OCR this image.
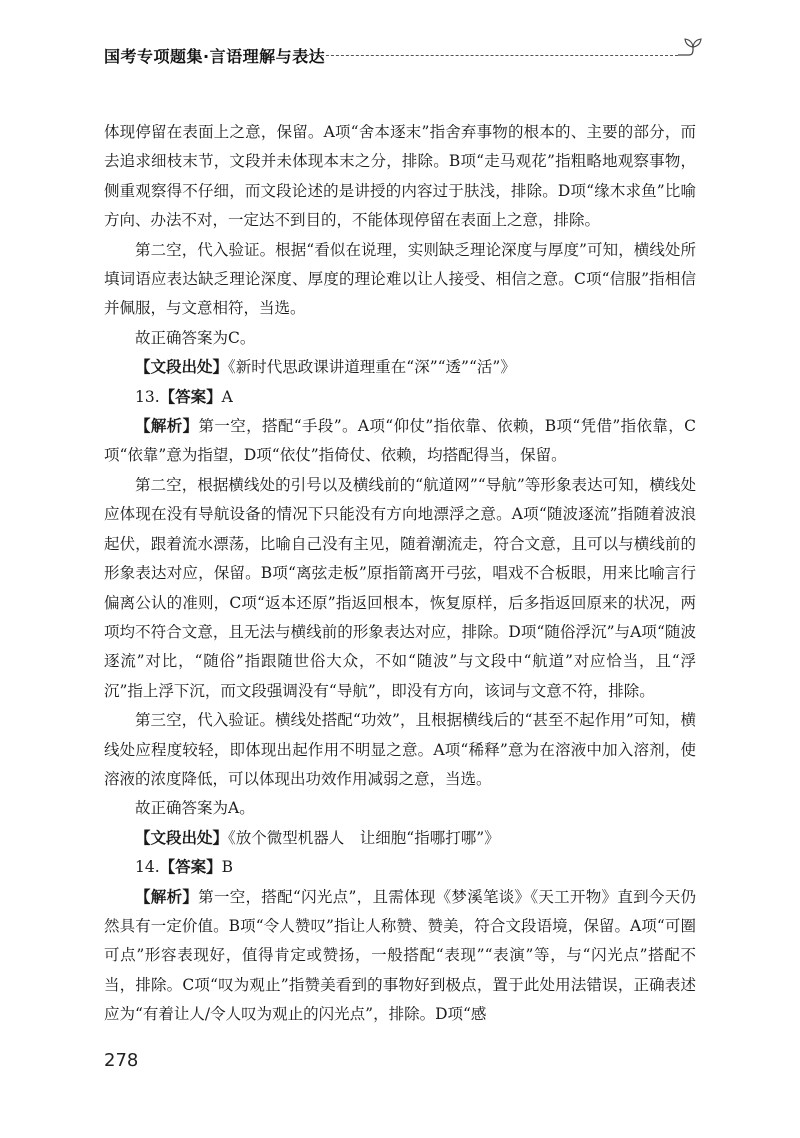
国考专项题集·言语理解与表达

体现停留在表面上之意，保留。A项“舍本逐末”指舍弃事物的根本的、主要的部分，而去追求细枝末节，文段并未体现本末之分，排除。B项“走马观花”指粗略地观察事物，侧重观察得不仔细，而文段论述的是讲授的内容过于肤浅，排除。D项“缘木求鱼”比喻方向、办法不对，一定达不到目的，不能体现停留在表面上之意，排除。

第二空，代入验证。根据“看似在说理，实则缺乏理论深度与厚度”可知，横线处所填词语应表达缺乏理论深度、厚度的理论难以让人接受、相信之意。C项“信服”指相信并佩服，与文意相符，当选。

故正确答案为C。

【文段出处】《新时代思政课讲道理重在“深”“透”“活”》

13.【答案】A

【解析】第一空，搭配“手段”。A项“仰仗”指依靠、依赖，B项“凭借”指依靠，C项“依靠”意为指望，D项“依仗”指倚仗、依赖，均搭配得当，保留。

第二空，根据横线处的引号以及横线前的“航道网”“导航”等形象表达可知，横线处应体现在没有导航设备的情况下只能没有方向地漂浮之意。A项“随波逐流”指随着波浪起伏，跟着流水漂荡，比喻自己没有主见，随着潮流走，符合文意，且可以与横线前的形象表达对应，保留。B项“离弦走板”原指箭离开弓弦，唱戏不合板眼，用来比喻言行偏离公认的准则，C项“返本还原”指返回根本，恢复原样，后多指返回原来的状况，两项均不符合文意，且无法与横线前的形象表达对应，排除。D项“随俗浮沉”与A项“随波逐流”对比，“随俗”指跟随世俗大众，不如“随波”与文段中“航道”对应恰当，且“浮沉”指上浮下沉，而文段强调没有“导航”，即没有方向，该词与文意不符，排除。

第三空，代入验证。横线处搭配“功效”，且根据横线后的“甚至不起作用”可知，横线处应程度较轻，即体现出起作用不明显之意。A项“稀释”意为在溶液中加入溶剂，使溶液的浓度降低，可以体现出功效作用减弱之意，当选。

故正确答案为A。

【文段出处】《放个微型机器人　让细胞“指哪打哪”》

14.【答案】B

【解析】第一空，搭配“闪光点”，且需体现《梦溪笔谈》《天工开物》直到今天仍然具有一定价值。B项“令人赞叹”指让人称赞、赞美，符合文段语境，保留。A项“可圈可点”形容表现好，值得肯定或赞扬，一般搭配“表现”“表演”等，与“闪光点”搭配不当，排除。C项“叹为观止”指赞美看到的事物好到极点，置于此处用法错误，正确表述应为“有着让人/令人叹为观止的闪光点”，排除。D项“感

278
